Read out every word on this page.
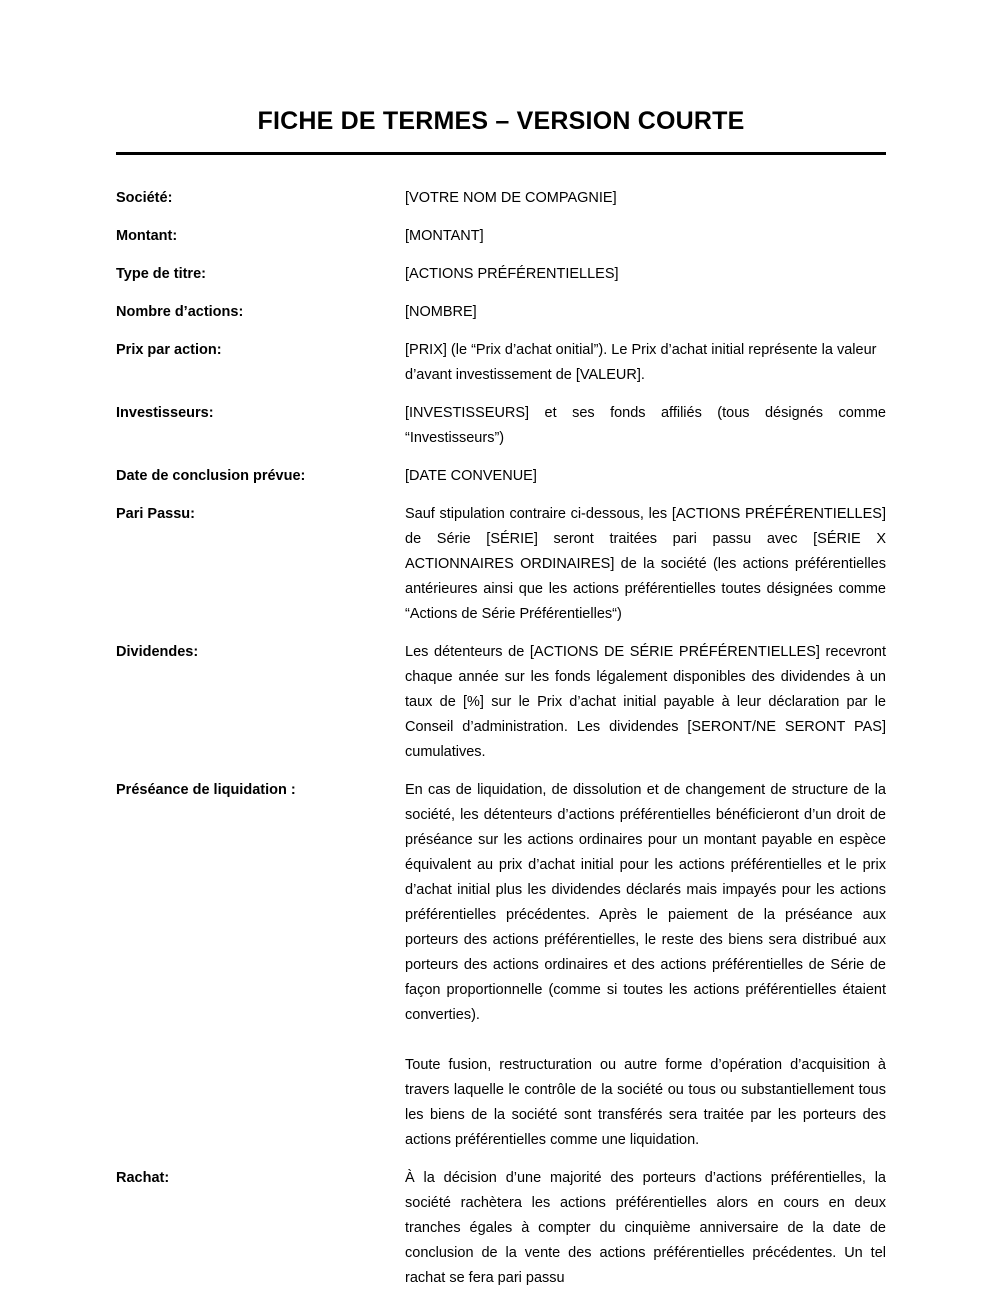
FICHE DE TERMES – VERSION COURTE
Société:	[VOTRE NOM DE COMPAGNIE]

Montant:	[MONTANT]

Type de titre:	[ACTIONS PRÉFÉRENTIELLES]

Nombre d’actions:	[NOMBRE]

Prix par action:	[PRIX] (le “Prix d’achat onitial”). Le Prix d’achat initial représente la valeur d’avant investissement de [VALEUR].

Investisseurs:	[INVESTISSEURS] et ses fonds affiliés (tous désignés comme “Investisseurs”)

Date de conclusion prévue:	[DATE CONVENUE]

Pari Passu:	Sauf stipulation contraire ci-dessous, les [ACTIONS PRÉFÉRENTIELLES] de Série [SÉRIE] seront traitées pari passu avec [SÉRIE X ACTIONNAIRES ORDINAIRES] de la société (les actions préférentielles antérieures ainsi que les actions préférentielles toutes désignées comme “Actions de Série Préférentielles“)

Dividendes:	Les détenteurs de [ACTIONS DE SÉRIE PRÉFÉRENTIELLES] recevront chaque année sur les fonds légalement disponibles des dividendes à un taux de [%] sur le Prix d’achat initial payable à leur déclaration par le Conseil d’administration. Les dividendes [SERONT/NE SERONT PAS] cumulatives.

Préséance de liquidation :	En cas de liquidation, de dissolution et de changement de structure de la société, les détenteurs d’actions préférentielles bénéficieront d’un droit de préséance sur les actions ordinaires pour un montant payable en espèce équivalent au prix d’achat initial pour les actions préférentielles et le prix d’achat initial plus les dividendes déclarés mais impayés pour les actions préférentielles précédentes. Après le paiement de la préséance aux porteurs des actions préférentielles, le reste des biens sera distribué aux porteurs des actions ordinaires et des actions préférentielles de Série de façon proportionnelle (comme si toutes les actions préférentielles étaient converties).

Toute fusion, restructuration ou autre forme d’opération d’acquisition à travers laquelle le contrôle de la société ou tous ou substantiellement tous les biens de la société sont transférés sera traitée par les porteurs des actions préférentielles comme une liquidation.

Rachat:	À la décision d’une majorité des porteurs d’actions préférentielles, la société rachètera les actions préférentielles alors en cours en deux tranches égales à compter du cinquième anniversaire de la date de conclusion de la vente des actions préférentielles précédentes. Un tel rachat se fera pari passu
